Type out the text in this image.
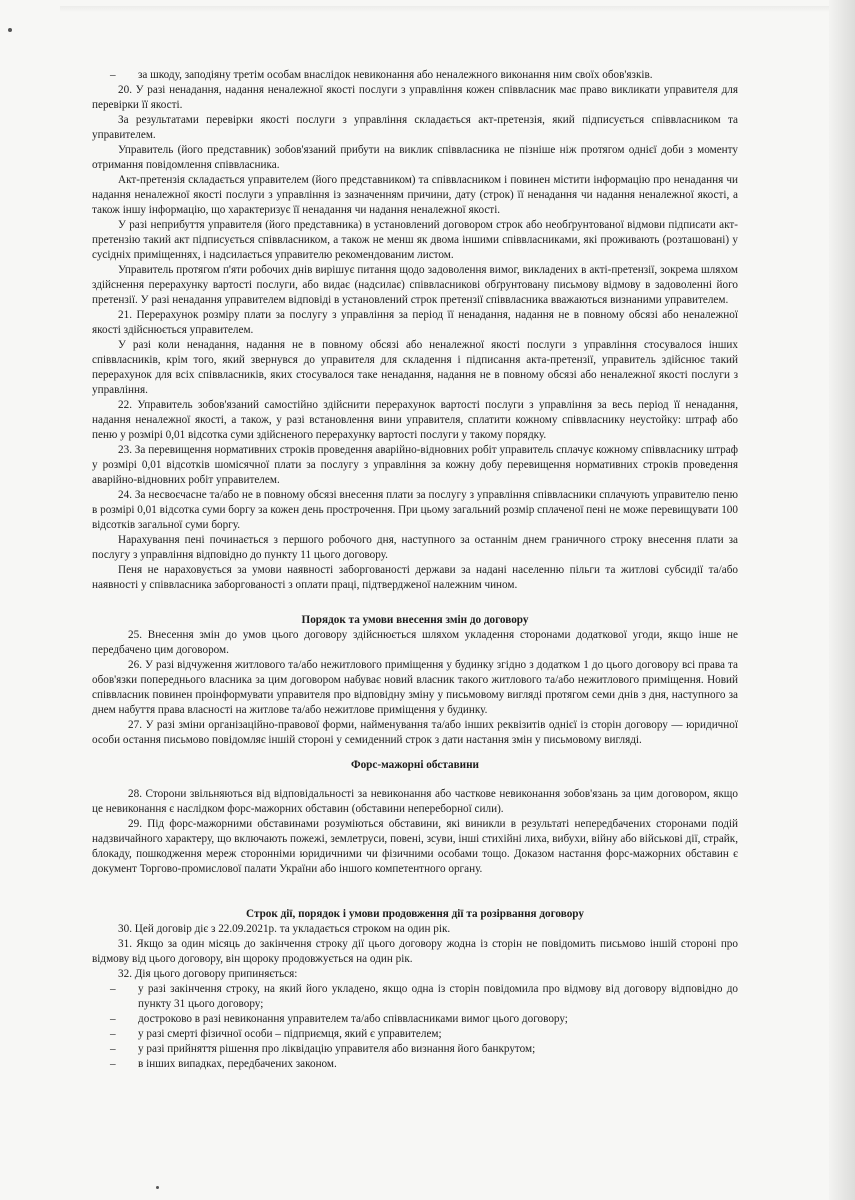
–	за шкоду, заподіяну третім особам внаслідок невиконання або неналежного виконання ним своїх обов'язків.

20. У разі ненадання, надання неналежної якості послуги з управління кожен співвласник має право викликати управителя для перевірки її якості.

За результатами перевірки якості послуги з управління складається акт-претензія, який підписується співвласником та управителем.

Управитель (його представник) зобов'язаний прибути на виклик співвласника не пізніше ніж протягом однієї доби з моменту отримання повідомлення співвласника.

Акт-претензія складається управителем (його представником) та співвласником і повинен містити інформацію про ненадання чи надання неналежної якості послуги з управління із зазначенням причини, дату (строк) її ненадання чи надання неналежної якості, а також іншу інформацію, що характеризує її ненадання чи надання неналежної якості.

У разі неприбуття управителя (його представника) в установлений договором строк або необґрунтованої відмови підписати акт-претензію такий акт підписується співвласником, а також не менш як двома іншими співвласниками, які проживають (розташовані) у сусідніх приміщеннях, і надсилається управителю рекомендованим листом.

Управитель протягом п'яти робочих днів вирішує питання щодо задоволення вимог, викладених в акті-претензії, зокрема шляхом здійснення перерахунку вартості послуги, або видає (надсилає) співвласникові обґрунтовану письмову відмову в задоволенні його претензії. У разі ненадання управителем відповіді в установлений строк претензії співвласника вважаються визнаними управителем.

21. Перерахунок розміру плати за послугу з управління за період її ненадання, надання не в повному обсязі або неналежної якості здійснюється управителем.

У разі коли ненадання, надання не в повному обсязі або неналежної якості послуги з управління стосувалося інших співвласників, крім того, який звернувся до управителя для складення і підписання акта-претензії, управитель здійснює такий перерахунок для всіх співвласників, яких стосувалося таке ненадання, надання не в повному обсязі або неналежної якості послуги з управління.

22. Управитель зобов'язаний самостійно здійснити перерахунок вартості послуги з управління за весь період її ненадання, надання неналежної якості, а також, у разі встановлення вини управителя, сплатити кожному співвласнику неустойку: штраф або пеню у розмірі 0,01 відсотка суми здійсненого перерахунку вартості послуги у такому порядку.

23. За перевищення нормативних строків проведення аварійно-відновних робіт управитель сплачує кожному співвласнику штраф у розмірі 0,01 відсотків шомісячної плати за послугу з управління за кожну добу перевищення нормативних строків проведення аварійно-відновних робіт управителем.

24. За несвоєчасне та/або не в повному обсязі внесення плати за послугу з управління співвласники сплачують управителю пеню в розмірі 0,01 відсотка суми боргу за кожен день прострочення. При цьому загальний розмір сплаченої пені не може перевищувати 100 відсотків загальної суми боргу.

Нарахування пені починається з першого робочого дня, наступного за останнім днем граничного строку внесення плати за послугу з управління відповідно до пункту 11 цього договору.

Пеня не нараховується за умови наявності заборгованості держави за надані населенню пільги та житлові субсидії та/або наявності у співвласника заборгованості з оплати праці, підтвердженої належним чином.

Порядок та умови внесення змін до договору

25. Внесення змін до умов цього договору здійснюється шляхом укладення сторонами додаткової угоди, якщо інше не передбачено цим договором.

26. У разі відчуження житлового та/або нежитлового приміщення у будинку згідно з додатком 1 до цього договору всі права та обов'язки попереднього власника за цим договором набуває новий власник такого житлового та/або нежитлового приміщення. Новий співвласник повинен проінформувати управителя про відповідну зміну у письмовому вигляді протягом семи днів з дня, наступного за днем набуття права власності на житлове та/або нежитлове приміщення у будинку.

27. У разі зміни організаційно-правової форми, найменування та/або інших реквізитів однієї із сторін договору — юридичної особи остання письмово повідомляє іншій стороні у семиденний строк з дати настання змін у письмовому вигляді.

Форс-мажорні обставини

28. Сторони звільняються від відповідальності за невиконання або часткове невиконання зобов'язань за цим договором, якщо це невиконання є наслідком форс-мажорних обставин (обставини непереборної сили).

29. Під форс-мажорними обставинами розуміються обставини, які виникли в результаті непередбачених сторонами подій надзвичайного характеру, що включають пожежі, землетруси, повені, зсуви, інші стихійні лиха, вибухи, війну або військові дії, страйк, блокаду, пошкодження мереж сторонніми юридичними чи фізичними особами тощо. Доказом настання форс-мажорних обставин є документ Торгово-промислової палати України або іншого компетентного органу.

Строк дії, порядок і умови продовження дії та розірвання договору

30. Цей договір діє з 22.09.2021р. та укладається строком на один рік.

31. Якщо за один місяць до закінчення строку дії цього договору жодна із сторін не повідомить письмово іншій стороні про відмову від цього договору, він щороку продовжується на один рік.

32. Дія цього договору припиняється:

–	у разі закінчення строку, на який його укладено, якщо одна із сторін повідомила про відмову від договору відповідно до пункту 31 цього договору;
–	достроково в разі невиконання управителем та/або співвласниками вимог цього договору;
–	у разі смерті фізичної особи – підприємця, який є управителем;
–	у разі прийняття рішення про ліквідацію управителя або визнання його банкрутом;
–	в інших випадках, передбачених законом.
